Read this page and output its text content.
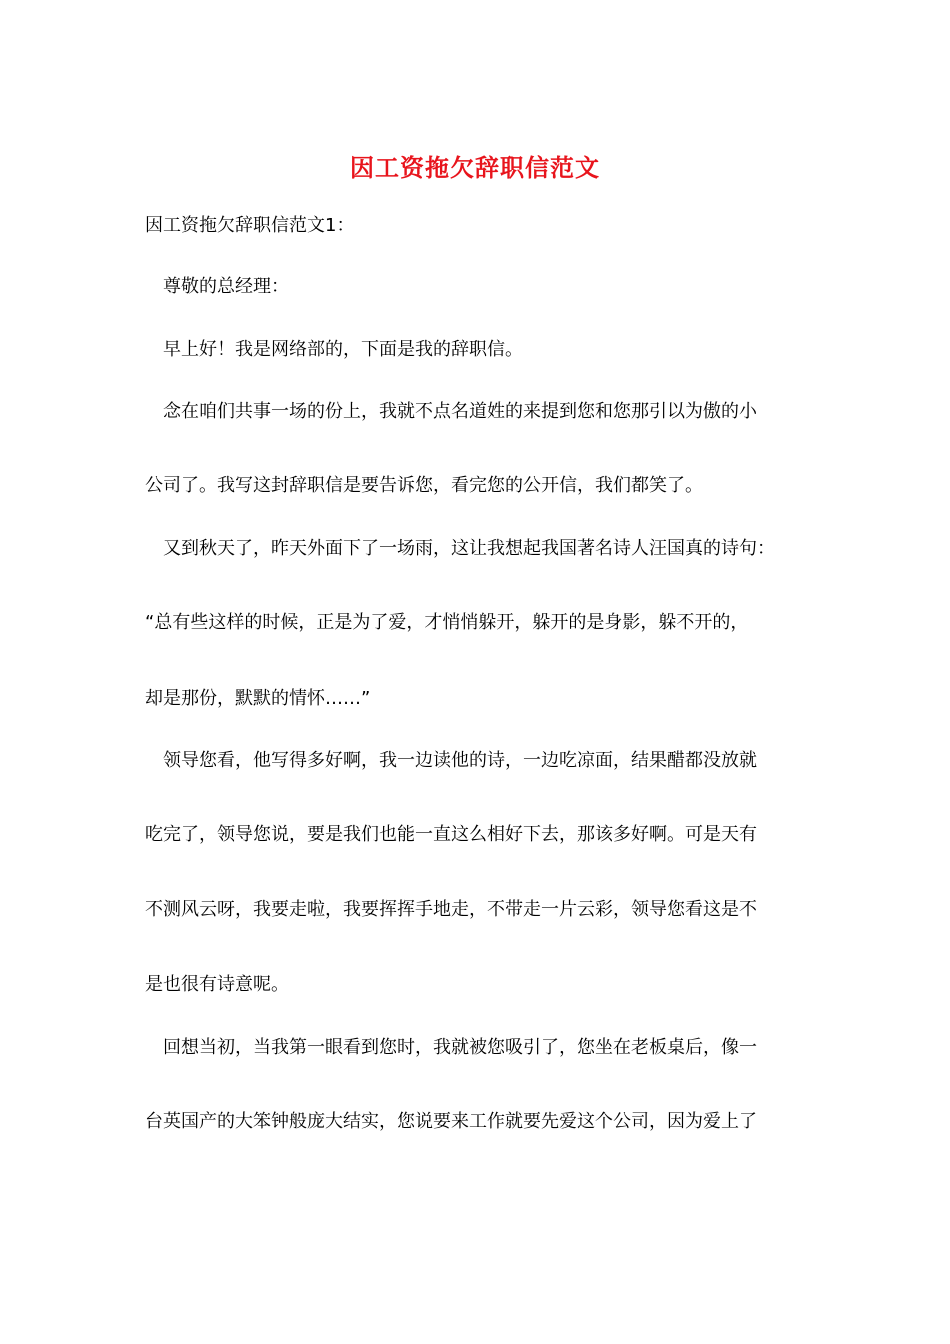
因工资拖欠辞职信范文
因工资拖欠辞职信范文1：
尊敬的总经理：
早上好！我是网络部的，下面是我的辞职信。
念在咱们共事一场的份上，我就不点名道姓的来提到您和您那引以为傲的小
公司了。我写这封辞职信是要告诉您，看完您的公开信，我们都笑了。
又到秋天了，昨天外面下了一场雨，这让我想起我国著名诗人汪国真的诗句：
“总有些这样的时候，正是为了爱，才悄悄躲开，躲开的是身影，躲不开的，
却是那份，默默的情怀……”
领导您看，他写得多好啊，我一边读他的诗，一边吃凉面，结果醋都没放就
吃完了，领导您说，要是我们也能一直这么相好下去，那该多好啊。可是天有
不测风云呀，我要走啦，我要挥挥手地走，不带走一片云彩，领导您看这是不
是也很有诗意呢。
回想当初，当我第一眼看到您时，我就被您吸引了，您坐在老板桌后，像一
台英国产的大笨钟般庞大结实，您说要来工作就要先爱这个公司，因为爱上了
